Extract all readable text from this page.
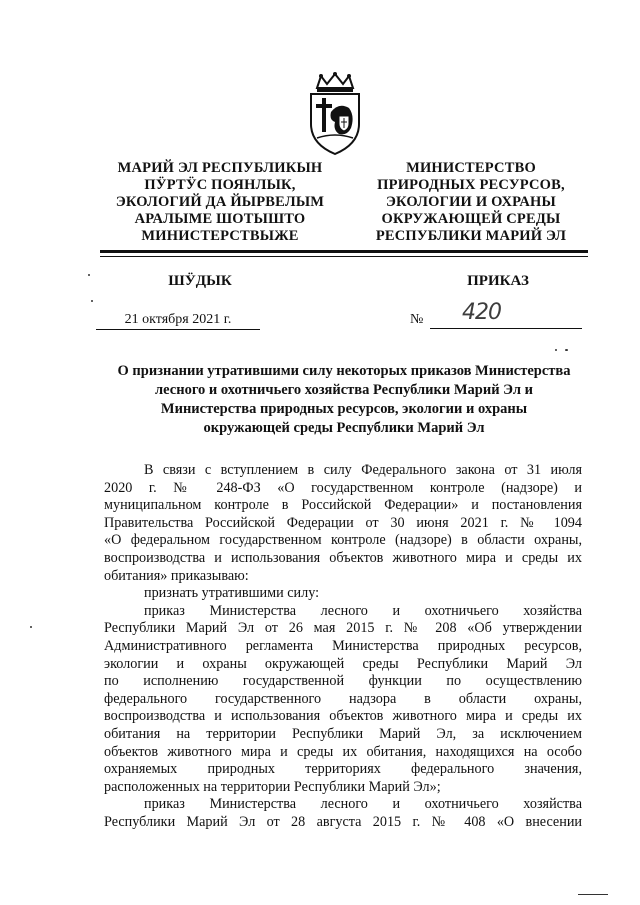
МАРИЙ ЭЛ РЕСПУБЛИКЫН
ПӰРТӰС ПОЯНЛЫК,
ЭКОЛОГИЙ ДА ЙЫРВЕЛЫМ
АРАЛЫМЕ ШОТЫШТО
МИНИСТЕРСТВЫЖЕ
МИНИСТЕРСТВО
ПРИРОДНЫХ РЕСУРСОВ,
ЭКОЛОГИИ И ОХРАНЫ
ОКРУЖАЮЩЕЙ СРЕДЫ
РЕСПУБЛИКИ МАРИЙ ЭЛ
ШӰДЫК	ПРИКАЗ
21 октября 2021 г.	№ 420
О признании утратившими силу некоторых приказов Министерства
лесного и охотничьего хозяйства Республики Марий Эл и
Министерства природных ресурсов, экологии и охраны
окружающей среды Республики Марий Эл
В связи с вступлением в силу Федерального закона от 31 июля
2020 г. № 248-ФЗ «О государственном контроле (надзоре) и
муниципальном контроле в Российской Федерации» и постановления
Правительства Российской Федерации от 30 июня 2021 г. № 1094
«О федеральном государственном контроле (надзоре) в области охраны,
воспроизводства и использования объектов животного мира и среды их
обитания» приказываю:
признать утратившими силу:
приказ Министерства лесного и охотничьего хозяйства
Республики Марий Эл от 26 мая 2015 г. № 208 «Об утверждении
Административного регламента Министерства природных ресурсов,
экологии и охраны окружающей среды Республики Марий Эл
по исполнению государственной функции по осуществлению
федерального государственного надзора в области охраны,
воспроизводства и использования объектов животного мира и среды их
обитания на территории Республики Марий Эл, за исключением
объектов животного мира и среды их обитания, находящихся на особо
охраняемых природных территориях федерального значения,
расположенных на территории Республики Марий Эл»;
приказ Министерства лесного и охотничьего хозяйства
Республики Марий Эл от 28 августа 2015 г. № 408 «О внесении
